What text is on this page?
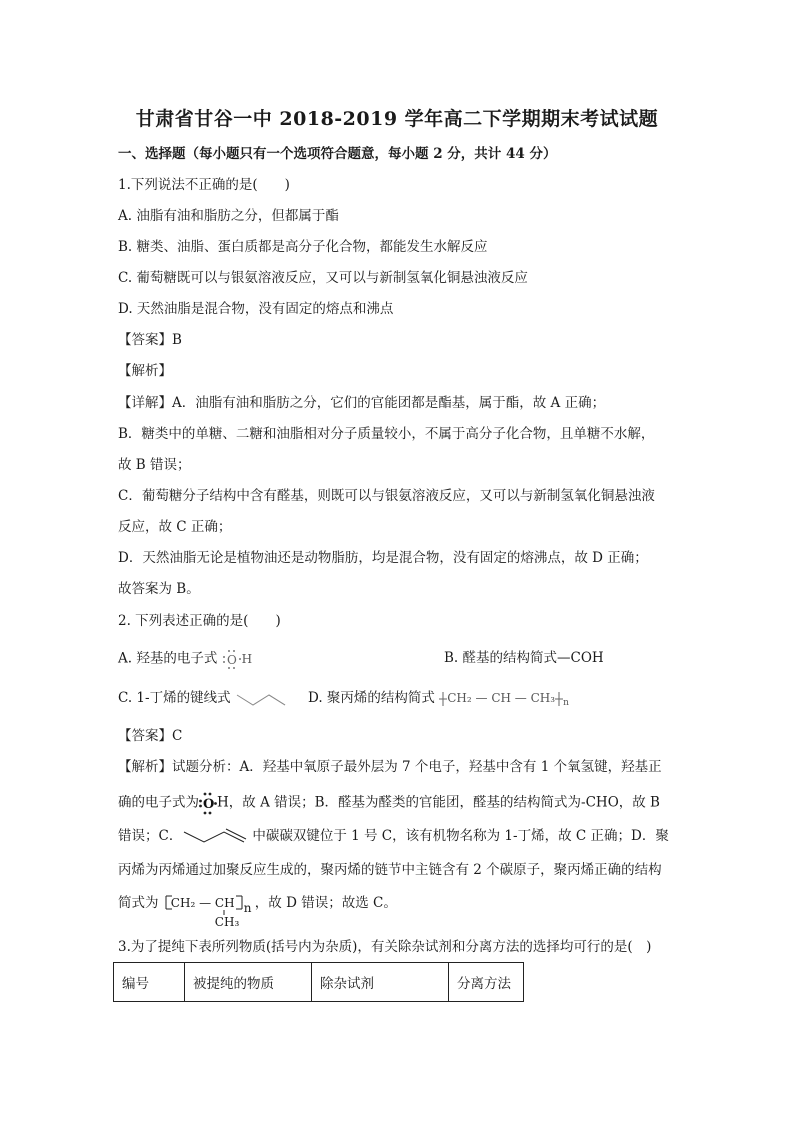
甘肃省甘谷一中 2018-2019 学年高二下学期期末考试试题
一、选择题（每小题只有一个选项符合题意，每小题 2 分，共计 44 分）
1.下列说法不正确的是(　　)
A. 油脂有油和脂肪之分，但都属于酯
B. 糖类、油脂、蛋白质都是高分子化合物，都能发生水解反应
C. 葡萄糖既可以与银氨溶液反应，又可以与新制氢氧化铜悬浊液反应
D. 天然油脂是混合物，没有固定的熔点和沸点
【答案】B
【解析】
【详解】A．油脂有油和脂肪之分，它们的官能团都是酯基，属于酯，故 A 正确；
B．糖类中的单糖、二糖和油脂相对分子质量较小，不属于高分子化合物，且单糖不水解，
故 B 错误；
C．葡萄糖分子结构中含有醛基，则既可以与银氨溶液反应，又可以与新制氢氧化铜悬浊液
反应，故 C 正确；
D．天然油脂无论是植物油还是动物脂肪，均是混合物，没有固定的熔沸点，故 D 正确；
故答案为 B。
2. 下列表述正确的是(　　)
A. 羟基的电子式 O H	B. 醛基的结构简式—COH
C. 1-丁烯的键线式	D. 聚丙烯的结构简式 CH₂ — CH — CH₃ $_n$
【答案】C
【解析】试题分析：A．羟基中氧原子最外层为 7 个电子，羟基中含有 1 个氧氢键，羟基正
确的电子式为 O H，故 A 错误；B．醛基为醛类的官能团，醛基的结构简式为-CHO，故 B
错误；C．	中碳碳双键位于 1 号 C，该有机物名称为 1-丁烯，故 C 正确；D．聚
丙烯为丙烯通过加聚反应生成的，聚丙烯的链节中主链含有 2 个碳原子，聚丙烯正确的结构
简式为 CH₂ — CH n
CH₃
，故 D 错误；故选 C。
3.为了提纯下表所列物质(括号内为杂质)，有关除杂试剂和分离方法的选择均可行的是(　)
编号	被提纯的物质	除杂试剂	分离方法
